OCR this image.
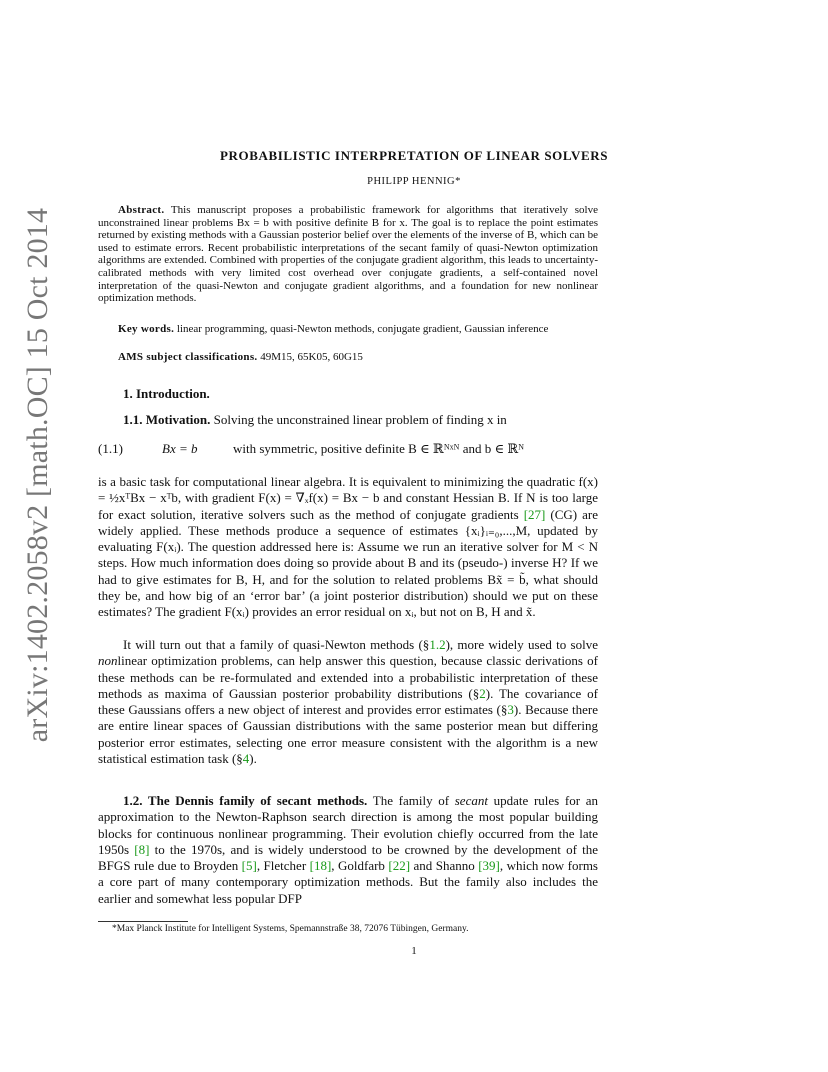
arXiv:1402.2058v2 [math.OC] 15 Oct 2014
PROBABILISTIC INTERPRETATION OF LINEAR SOLVERS
PHILIPP HENNIG*
Abstract. This manuscript proposes a probabilistic framework for algorithms that iteratively solve unconstrained linear problems Bx = b with positive definite B for x. The goal is to replace the point estimates returned by existing methods with a Gaussian posterior belief over the elements of the inverse of B, which can be used to estimate errors. Recent probabilistic interpretations of the secant family of quasi-Newton optimization algorithms are extended. Combined with properties of the conjugate gradient algorithm, this leads to uncertainty-calibrated methods with very limited cost overhead over conjugate gradients, a self-contained novel interpretation of the quasi-Newton and conjugate gradient algorithms, and a foundation for new nonlinear optimization methods.
Key words. linear programming, quasi-Newton methods, conjugate gradient, Gaussian inference
AMS subject classifications. 49M15, 65K05, 60G15
1. Introduction.
1.1. Motivation. Solving the unconstrained linear problem of finding x in
(1.1)	Bx = b	with symmetric, positive definite B ∈ ℝᴺˣᴺ and b ∈ ℝᴺ
is a basic task for computational linear algebra. It is equivalent to minimizing the quadratic f(x) = ½xᵀBx − xᵀb, with gradient F(x) = ∇ₓf(x) = Bx − b and constant Hessian B. If N is too large for exact solution, iterative solvers such as the method of conjugate gradients [27] (CG) are widely applied. These methods produce a sequence of estimates {xᵢ}ᵢ₌₀,...,M, updated by evaluating F(xᵢ). The question addressed here is: Assume we run an iterative solver for M < N steps. How much information does doing so provide about B and its (pseudo-) inverse H? If we had to give estimates for B, H, and for the solution to related problems Bx̃ = b̃, what should they be, and how big of an ‘error bar’ (a joint posterior distribution) should we put on these estimates? The gradient F(xᵢ) provides an error residual on xᵢ, but not on B, H and x̃.
It will turn out that a family of quasi-Newton methods (§1.2), more widely used to solve nonlinear optimization problems, can help answer this question, because classic derivations of these methods can be re-formulated and extended into a probabilistic interpretation of these methods as maxima of Gaussian posterior probability distributions (§2). The covariance of these Gaussians offers a new object of interest and provides error estimates (§3). Because there are entire linear spaces of Gaussian distributions with the same posterior mean but differing posterior error estimates, selecting one error measure consistent with the algorithm is a new statistical estimation task (§4).
1.2. The Dennis family of secant methods. The family of secant update rules for an approximation to the Newton-Raphson search direction is among the most popular building blocks for continuous nonlinear programming. Their evolution chiefly occurred from the late 1950s [8] to the 1970s, and is widely understood to be crowned by the development of the BFGS rule due to Broyden [5], Fletcher [18], Goldfarb [22] and Shanno [39], which now forms a core part of many contemporary optimization methods. But the family also includes the earlier and somewhat less popular DFP
*Max Planck Institute for Intelligent Systems, Spemannstraße 38, 72076 Tübingen, Germany.
1
